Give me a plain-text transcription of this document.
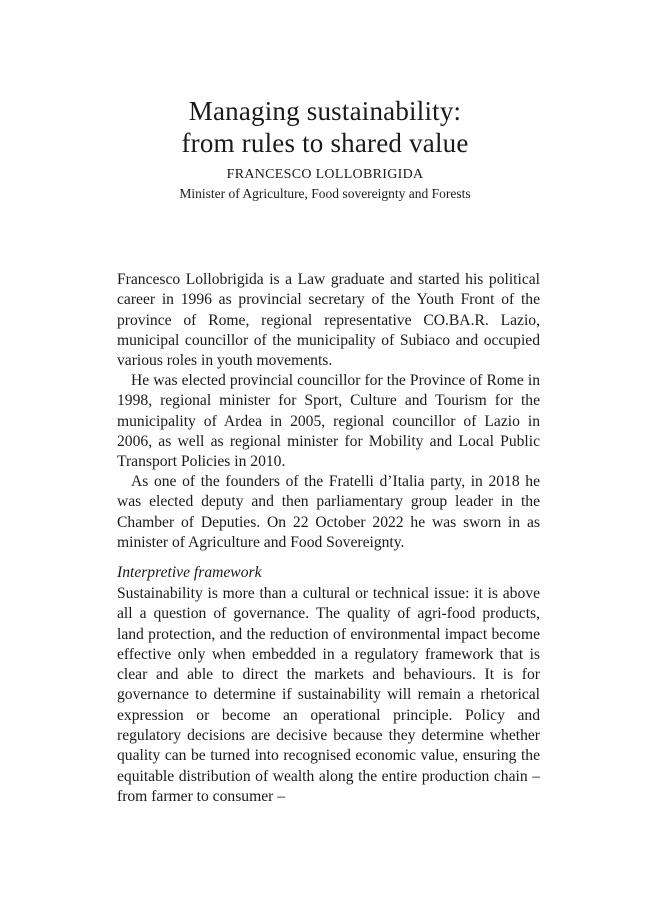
Managing sustainability:
from rules to shared value
FRANCESCO LOLLOBRIGIDA
Minister of Agriculture, Food sovereignty and Forests

Francesco Lollobrigida is a Law graduate and started his political career in 1996 as provincial secretary of the Youth Front of the province of Rome, regional representative CO.BA.R. Lazio, municipal councillor of the municipality of Subiaco and occupied various roles in youth movements.

He was elected provincial councillor for the Province of Rome in 1998, regional minister for Sport, Culture and Tourism for the municipality of Ardea in 2005, regional councillor of Lazio in 2006, as well as regional minister for Mobility and Local Public Transport Policies in 2010.

As one of the founders of the Fratelli d’Italia party, in 2018 he was elected deputy and then parliamentary group leader in the Chamber of Deputies. On 22 October 2022 he was sworn in as minister of Agriculture and Food Sovereignty.

Interpretive framework

Sustainability is more than a cultural or technical issue: it is above all a question of governance. The quality of agri-food products, land protection, and the reduction of environmental impact become effective only when embedded in a regulatory framework that is clear and able to direct the markets and behaviours. It is for governance to determine if sustainability will remain a rhetorical expression or become an operational principle. Policy and regulatory decisions are decisive because they determine whether quality can be turned into recognised economic value, ensuring the equitable distribution of wealth along the entire production chain – from farmer to consumer –
